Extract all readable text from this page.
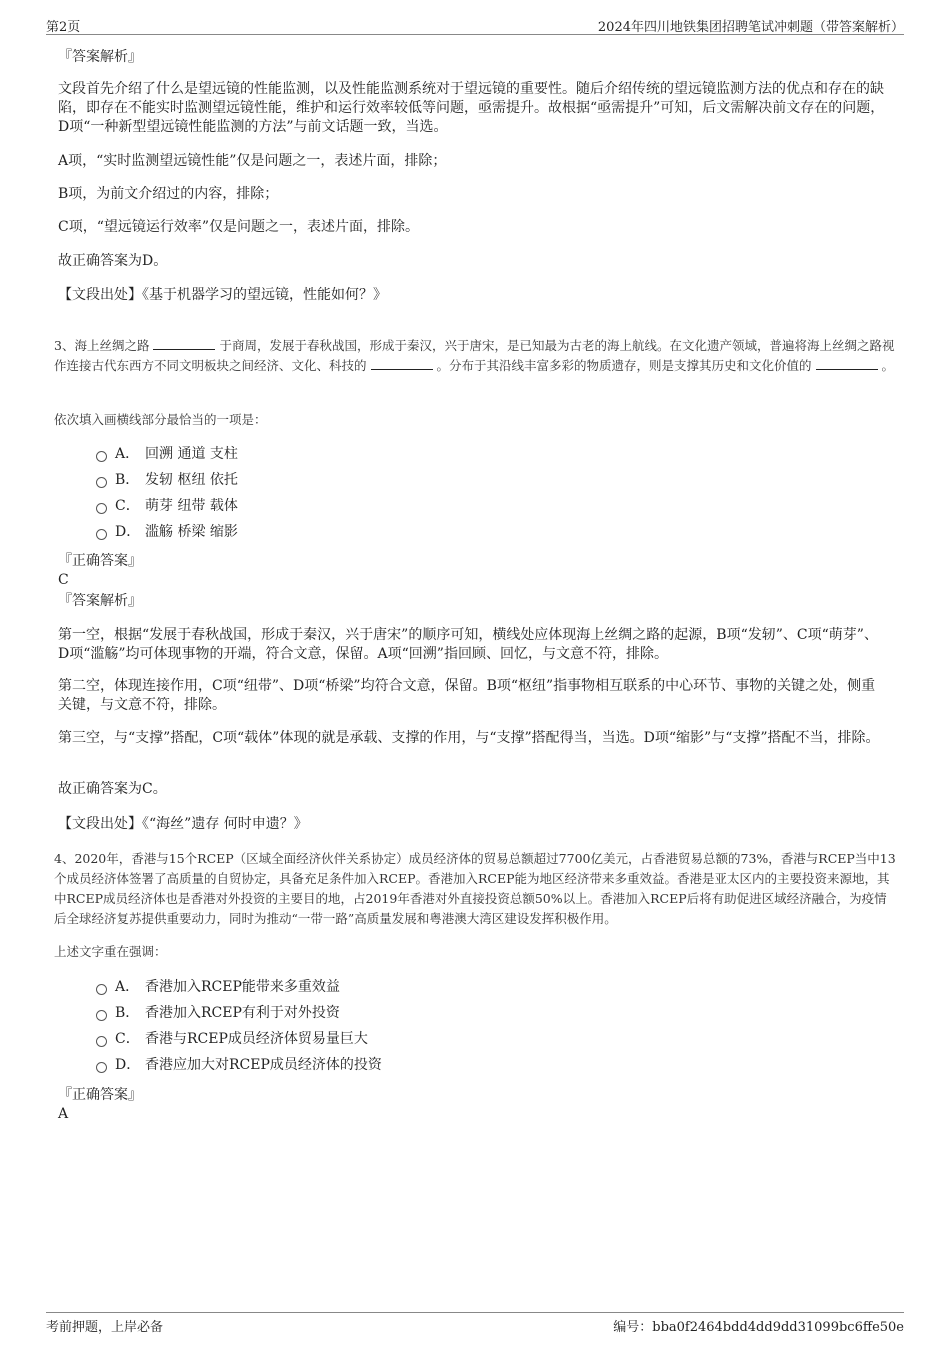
第2页	2024年四川地铁集团招聘笔试冲刺题（带答案解析）
『答案解析』
文段首先介绍了什么是望远镜的性能监测，以及性能监测系统对于望远镜的重要性。随后介绍传统的望远镜监测方法的优点和存在的缺陷，即存在不能实时监测望远镜性能，维护和运行效率较低等问题，亟需提升。故根据“亟需提升”可知，后文需解决前文存在的问题，D项“一种新型望远镜性能监测的方法”与前文话题一致，当选。
A项，“实时监测望远镜性能”仅是问题之一，表述片面，排除；
B项，为前文介绍过的内容，排除；
C项，“望远镜运行效率”仅是问题之一，表述片面，排除。
故正确答案为D。
【文段出处】《基于机器学习的望远镜，性能如何？》
3、海上丝绸之路	于商周，发展于春秋战国，形成于秦汉，兴于唐宋，是已知最为古老的海上航线。在文化遗产领域，普遍将海上丝绸之路视作连接古代东西方不同文明板块之间经济、文化、科技的	。分布于其沿线丰富多彩的物质遗存，则是支撑其历史和文化价值的	。
依次填入画横线部分最恰当的一项是：
A． 回溯 通道 支柱
B． 发轫 枢纽 依托
C． 萌芽 纽带 载体
D． 滥觞 桥梁 缩影
『正确答案』
C
『答案解析』
第一空，根据“发展于春秋战国，形成于秦汉，兴于唐宋”的顺序可知，横线处应体现海上丝绸之路的起源，B项“发轫”、C项“萌芽”、D项“滥觞”均可体现事物的开端，符合文意，保留。A项“回溯”指回顾、回忆，与文意不符，排除。
第二空，体现连接作用，C项“纽带”、D项“桥梁”均符合文意，保留。B项“枢纽”指事物相互联系的中心环节、事物的关键之处，侧重关键，与文意不符，排除。
第三空，与“支撑”搭配，C项“载体”体现的就是承载、支撑的作用，与“支撑”搭配得当，当选。D项“缩影”与“支撑”搭配不当，排除。
故正确答案为C。
【文段出处】《“海丝”遗存 何时申遗？》
4、2020年，香港与15个RCEP（区域全面经济伙伴关系协定）成员经济体的贸易总额超过7700亿美元，占香港贸易总额的73%，香港与RCEP当中13个成员经济体签署了高质量的自贸协定，具备充足条件加入RCEP。香港加入RCEP能为地区经济带来多重效益。香港是亚太区内的主要投资来源地，其中RCEP成员经济体也是香港对外投资的主要目的地，占2019年香港对外直接投资总额50%以上。香港加入RCEP后将有助促进区域经济融合，为疫情后全球经济复苏提供重要动力，同时为推动“一带一路”高质量发展和粤港澳大湾区建设发挥积极作用。
上述文字重在强调：
A． 香港加入RCEP能带来多重效益
B． 香港加入RCEP有利于对外投资
C． 香港与RCEP成员经济体贸易量巨大
D． 香港应加大对RCEP成员经济体的投资
『正确答案』
A
考前押题，上岸必备	编号：bba0f2464bdd4dd9dd31099bc6ffe50e
